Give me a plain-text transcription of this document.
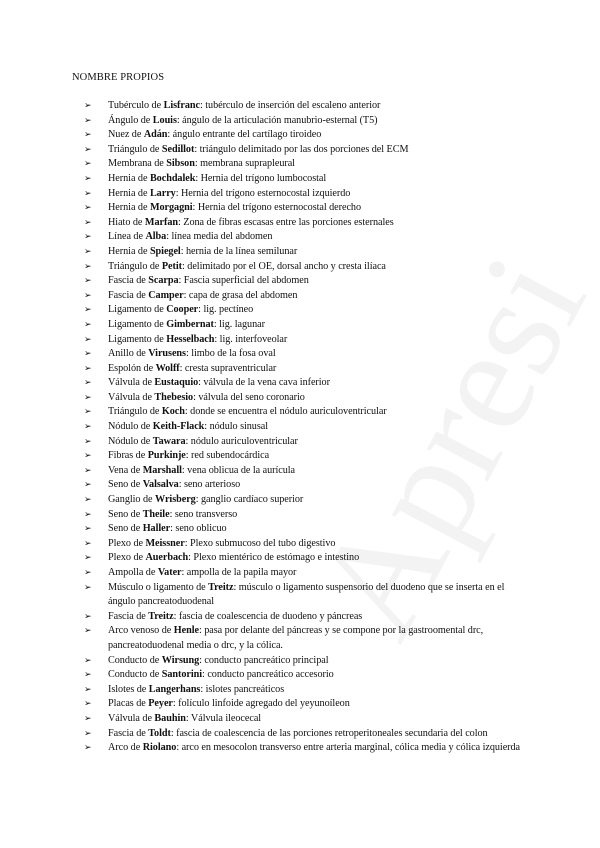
NOMBRE PROPIOS
➢ Tubérculo de Lisfranc: tubérculo de inserción del escaleno anterior
➢ Ángulo de Louis: ángulo de la articulación manubrio-esternal (T5)
➢ Nuez de Adán: ángulo entrante del cartílago tiroideo
➢ Triángulo de Sedillot: triángulo delimitado por las dos porciones del ECM
➢ Membrana de Sibson: membrana suprapleural
➢ Hernia de Bochdalek: Hernia del trígono lumbocostal
➢ Hernia de Larry: Hernia del trígono esternocostal izquierdo
➢ Hernia de Morgagni: Hernia del trígono esternocostal derecho
➢ Hiato de Marfan: Zona de fibras escasas entre las porciones esternales
➢ Línea de Alba: línea media del abdomen
➢ Hernia de Spiegel: hernia de la línea semilunar
➢ Triángulo de Petit: delimitado por el OE, dorsal ancho y cresta ilíaca
➢ Fascia de Scarpa: Fascia superficial del abdomen
➢ Fascia de Camper: capa de grasa del abdomen
➢ Ligamento de Cooper: lig. pectíneo
➢ Ligamento de Gimbernat: lig. lagunar
➢ Ligamento de Hesselbach: lig. interfoveolar
➢ Anillo de Virusens: limbo de la fosa oval
➢ Espolón de Wolff: cresta supraventricular
➢ Válvula de Eustaquio: válvula de la vena cava inferior
➢ Válvula de Thebesio: válvula del seno coronario
➢ Triángulo de Koch: donde se encuentra el nódulo auriculoventricular
➢ Nódulo de Keith-Flack: nódulo sinusal
➢ Nódulo de Tawara: nódulo auriculoventricular
➢ Fibras de Purkinje: red subendocárdica
➢ Vena de Marshall: vena oblicua de la aurícula
➢ Seno de Valsalva: seno arterioso
➢ Ganglio de Wrisberg: ganglio cardíaco superior
➢ Seno de Theile: seno transverso
➢ Seno de Haller: seno oblicuo
➢ Plexo de Meissner: Plexo submucoso del tubo digestivo
➢ Plexo de Auerbach: Plexo mientérico de estómago e intestino
➢ Ampolla de Vater: ampolla de la papila mayor
➢ Músculo o ligamento de Treitz: músculo o ligamento suspensorio del duodeno que se inserta en el ángulo pancreatoduodenal
➢ Fascia de Treitz: fascia de coalescencia de duodeno y páncreas
➢ Arco venoso de Henle: pasa por delante del páncreas y se compone por la gastroomental drc, pancreatoduodenal media o drc, y la cólica.
➢ Conducto de Wirsung: conducto pancreático principal
➢ Conducto de Santorini: conducto pancreático accesorio
➢ Islotes de Langerhans: islotes pancreáticos
➢ Placas de Peyer: folículo linfoide agregado del yeyunoíleon
➢ Válvula de Bauhin: Válvula ileocecal
➢ Fascia de Toldt: fascia de coalescencia de las porciones retroperitoneales secundaria del colon
➢ Arco de Riolano: arco en mesocolon transverso entre arteria marginal, cólica media y cólica izquierda
